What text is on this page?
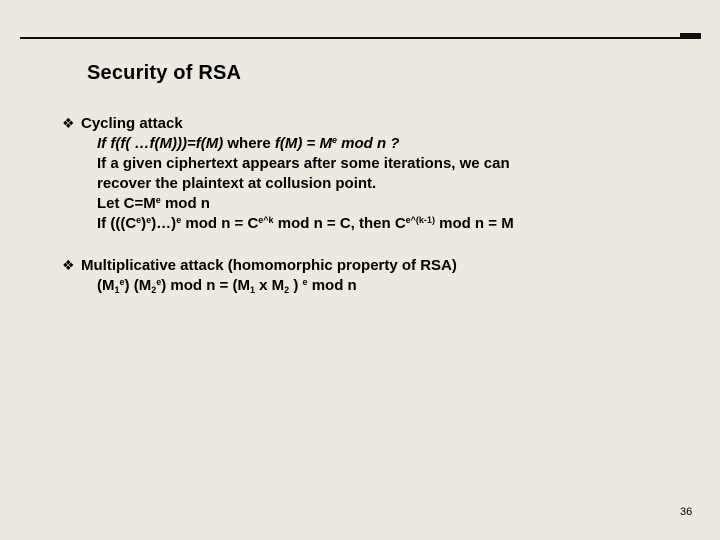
Security of RSA
❖ Cycling attack
If f(f( …f(M)))=f(M) where $f(M) = M^e$ mod n ?
If a given ciphertext appears after some iterations, we can
recover the plaintext at collusion point.
Let $C=M^e$ mod n
If $(((Ce)^e)\dots)^e$ mod $n = C^{e\^{}k}$ mod n = C, then $C^{e\^{}(k-1)}$ mod n = M
❖ Multiplicative attack (homomorphic property of RSA)
$(M_1^e)$ $(M_2^e)$ mod $n = (M_1$ x $M_2$ ) $^e$ mod n
36
